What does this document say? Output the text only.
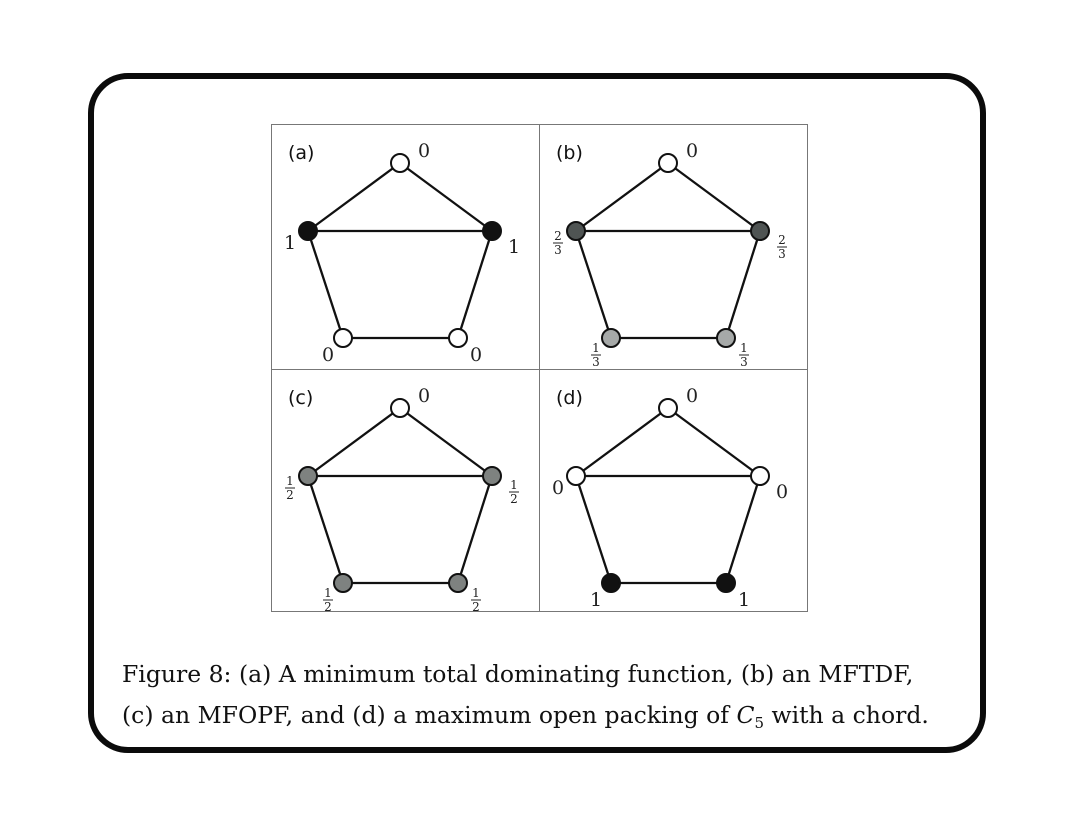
(a)	0
1	1
0	0
(b)	0
2
3
2
3
1
3
1
3
(c)	0
1
2
1
2
1
2
1
2
(d)	0
0	0
1	1
Figure 8: (a) A minimum total dominating function, (b) an MFTDF,
(c) an MFOPF, and (d) a maximum open packing of $C_5$ with a chord.
